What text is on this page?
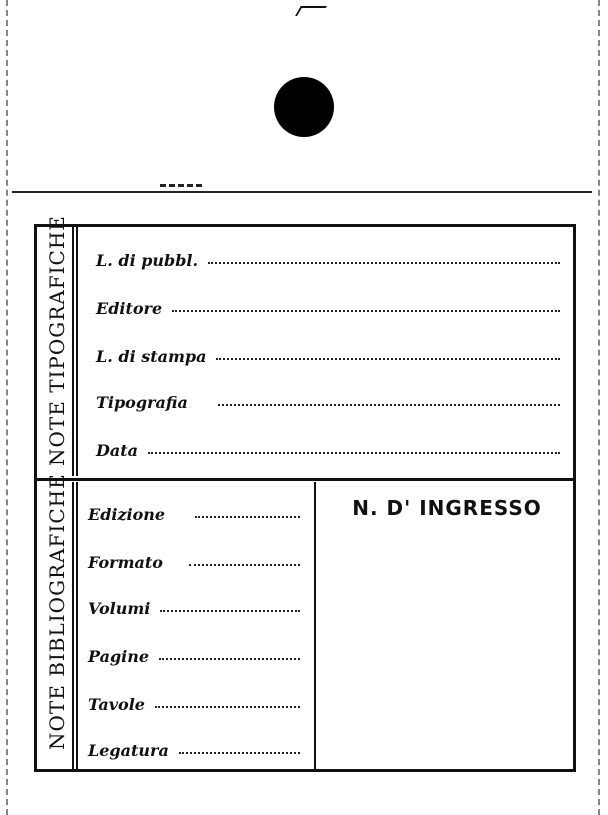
NOTE TIPOGRAFICHE L. di pubbl.
Editore
L. di stampa
Tipografia
Data
NOTE BIBLIOGRAFICHE Edizione
Formato
Volumi
Pagine
Tavole
Legatura
N. D' INGRESSO
